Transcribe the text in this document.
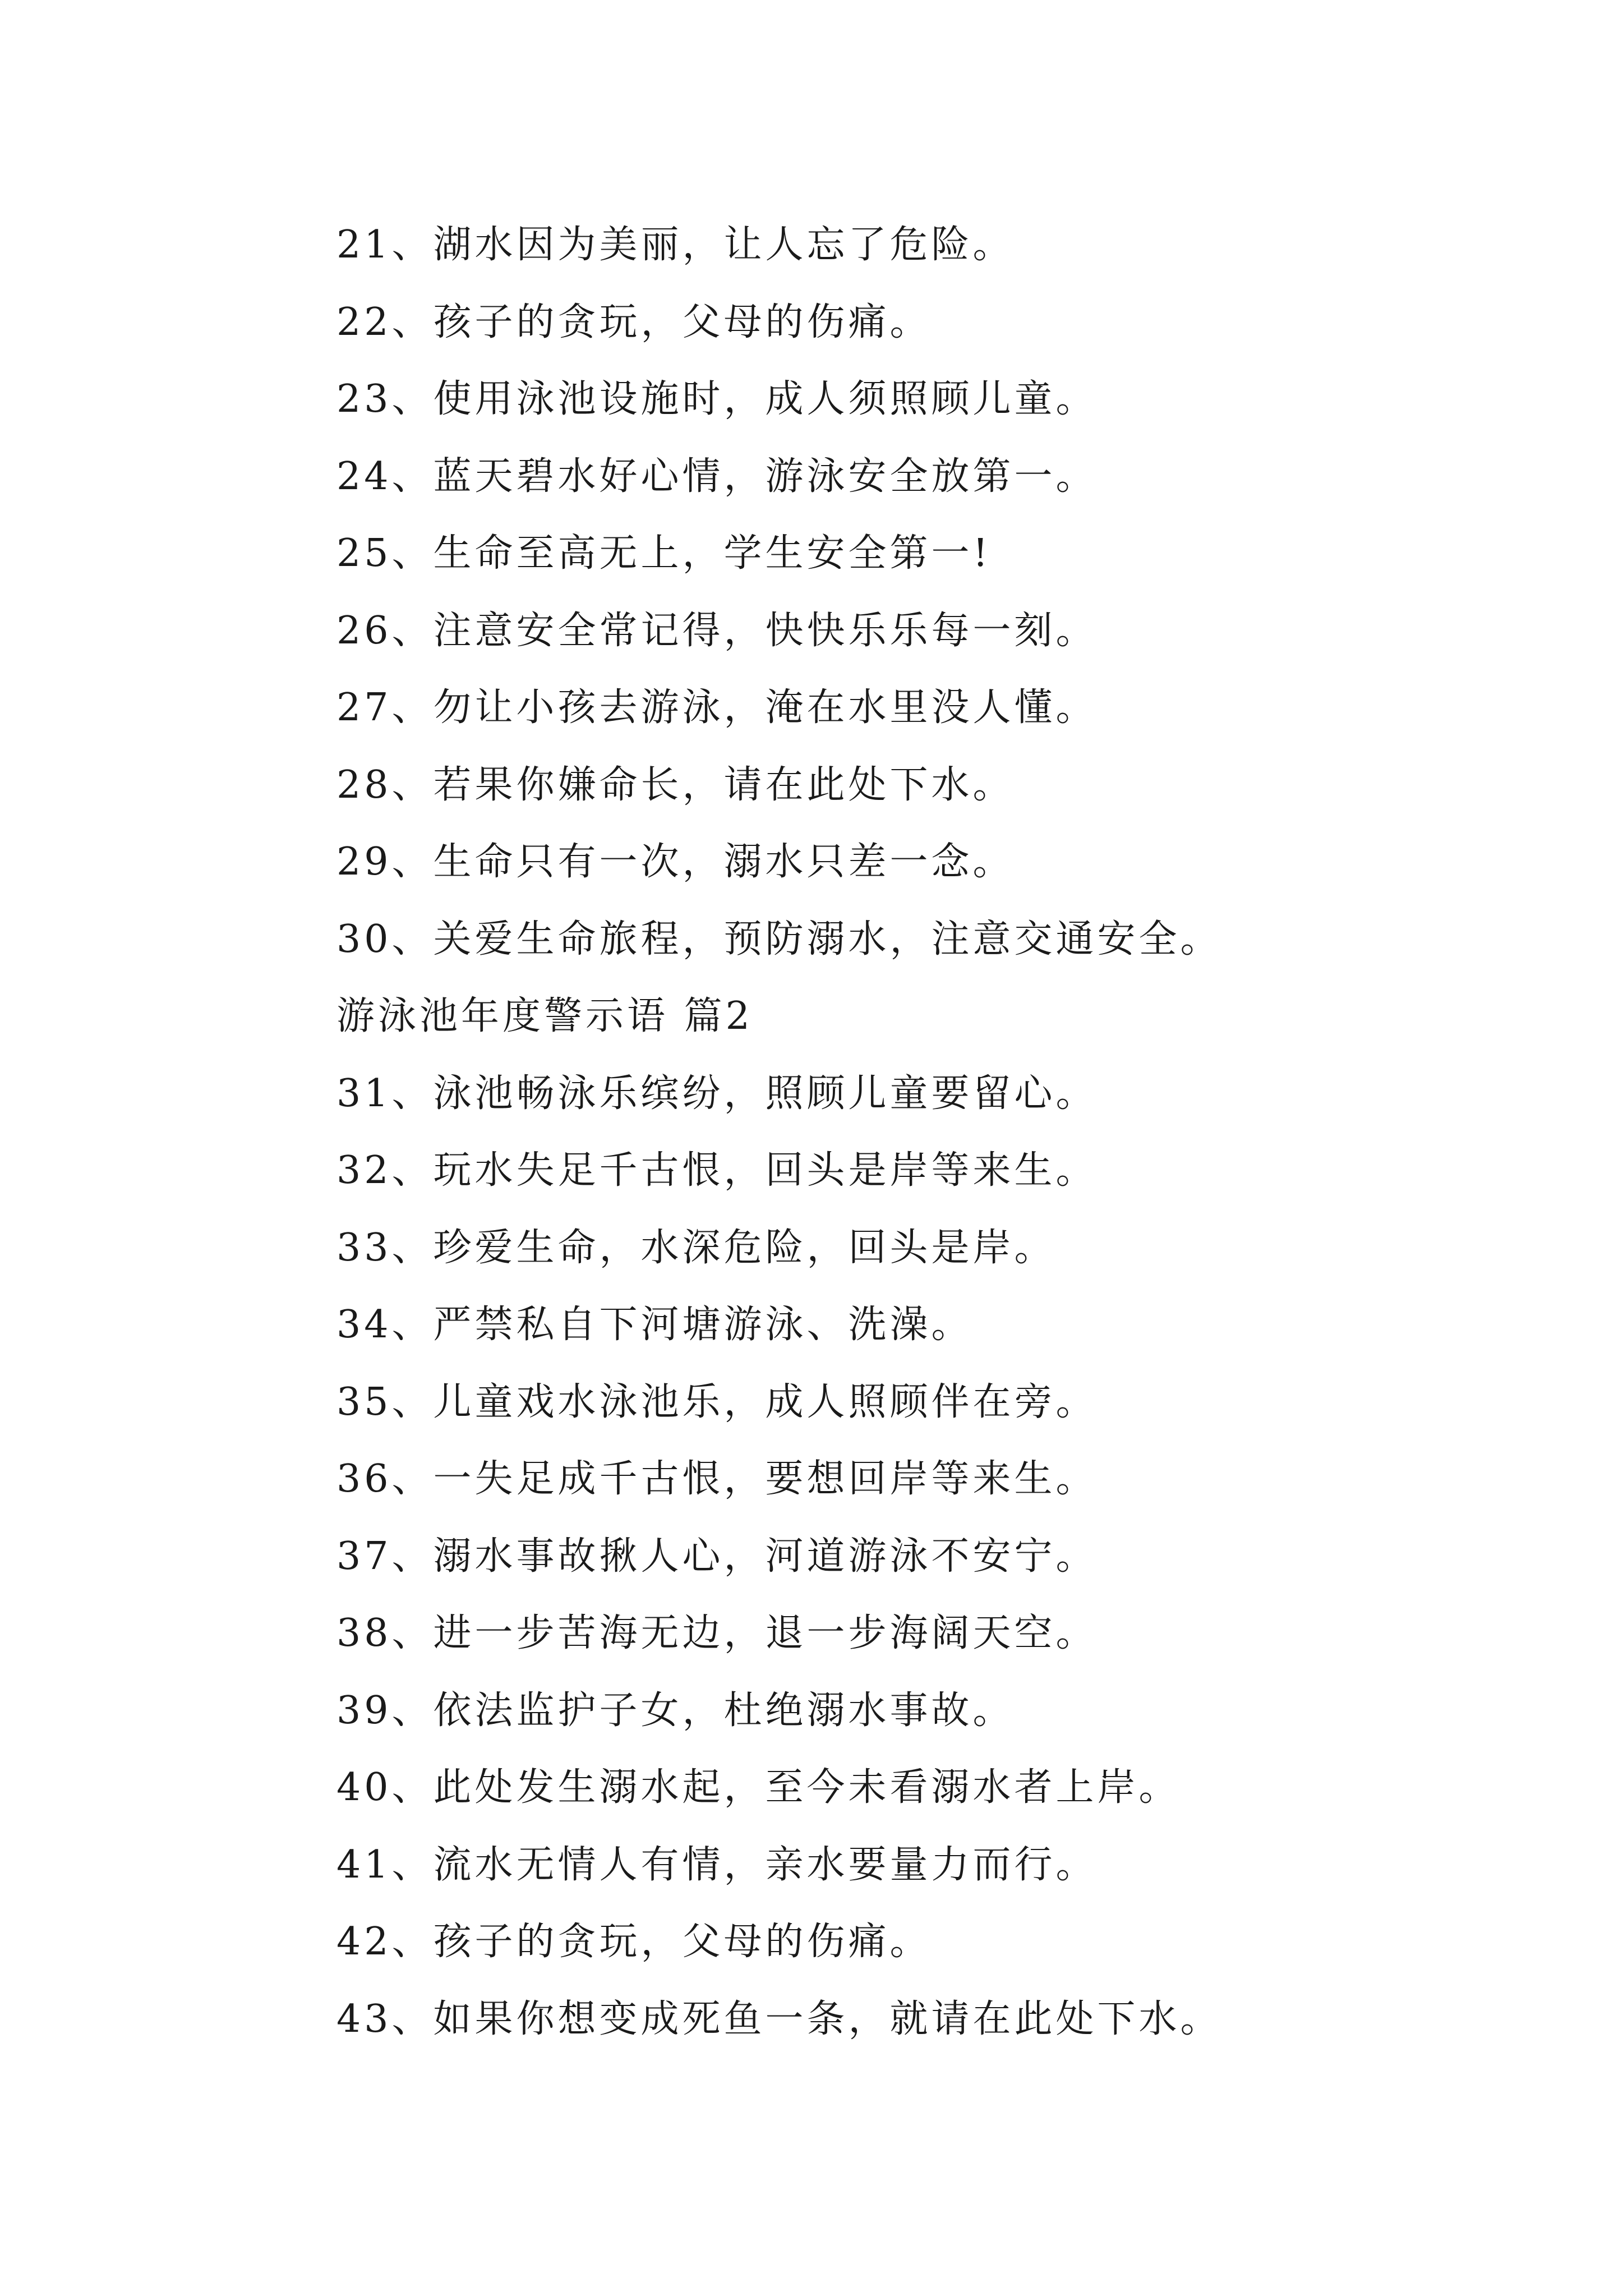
21、湖水因为美丽，让人忘了危险。
22、孩子的贪玩，父母的伤痛。
23、使用泳池设施时，成人须照顾儿童。
24、蓝天碧水好心情，游泳安全放第一。
25、生命至高无上，学生安全第一!
26、注意安全常记得，快快乐乐每一刻。
27、勿让小孩去游泳，淹在水里没人懂。
28、若果你嫌命长，请在此处下水。
29、生命只有一次，溺水只差一念。
30、关爱生命旅程，预防溺水，注意交通安全。
游泳池年度警示语 篇2
31、泳池畅泳乐缤纷，照顾儿童要留心。
32、玩水失足千古恨，回头是岸等来生。
33、珍爱生命，水深危险，回头是岸。
34、严禁私自下河塘游泳、洗澡。
35、儿童戏水泳池乐，成人照顾伴在旁。
36、一失足成千古恨，要想回岸等来生。
37、溺水事故揪人心，河道游泳不安宁。
38、进一步苦海无边，退一步海阔天空。
39、依法监护子女，杜绝溺水事故。
40、此处发生溺水起，至今未看溺水者上岸。
41、流水无情人有情，亲水要量力而行。
42、孩子的贪玩，父母的伤痛。
43、如果你想变成死鱼一条，就请在此处下水。
